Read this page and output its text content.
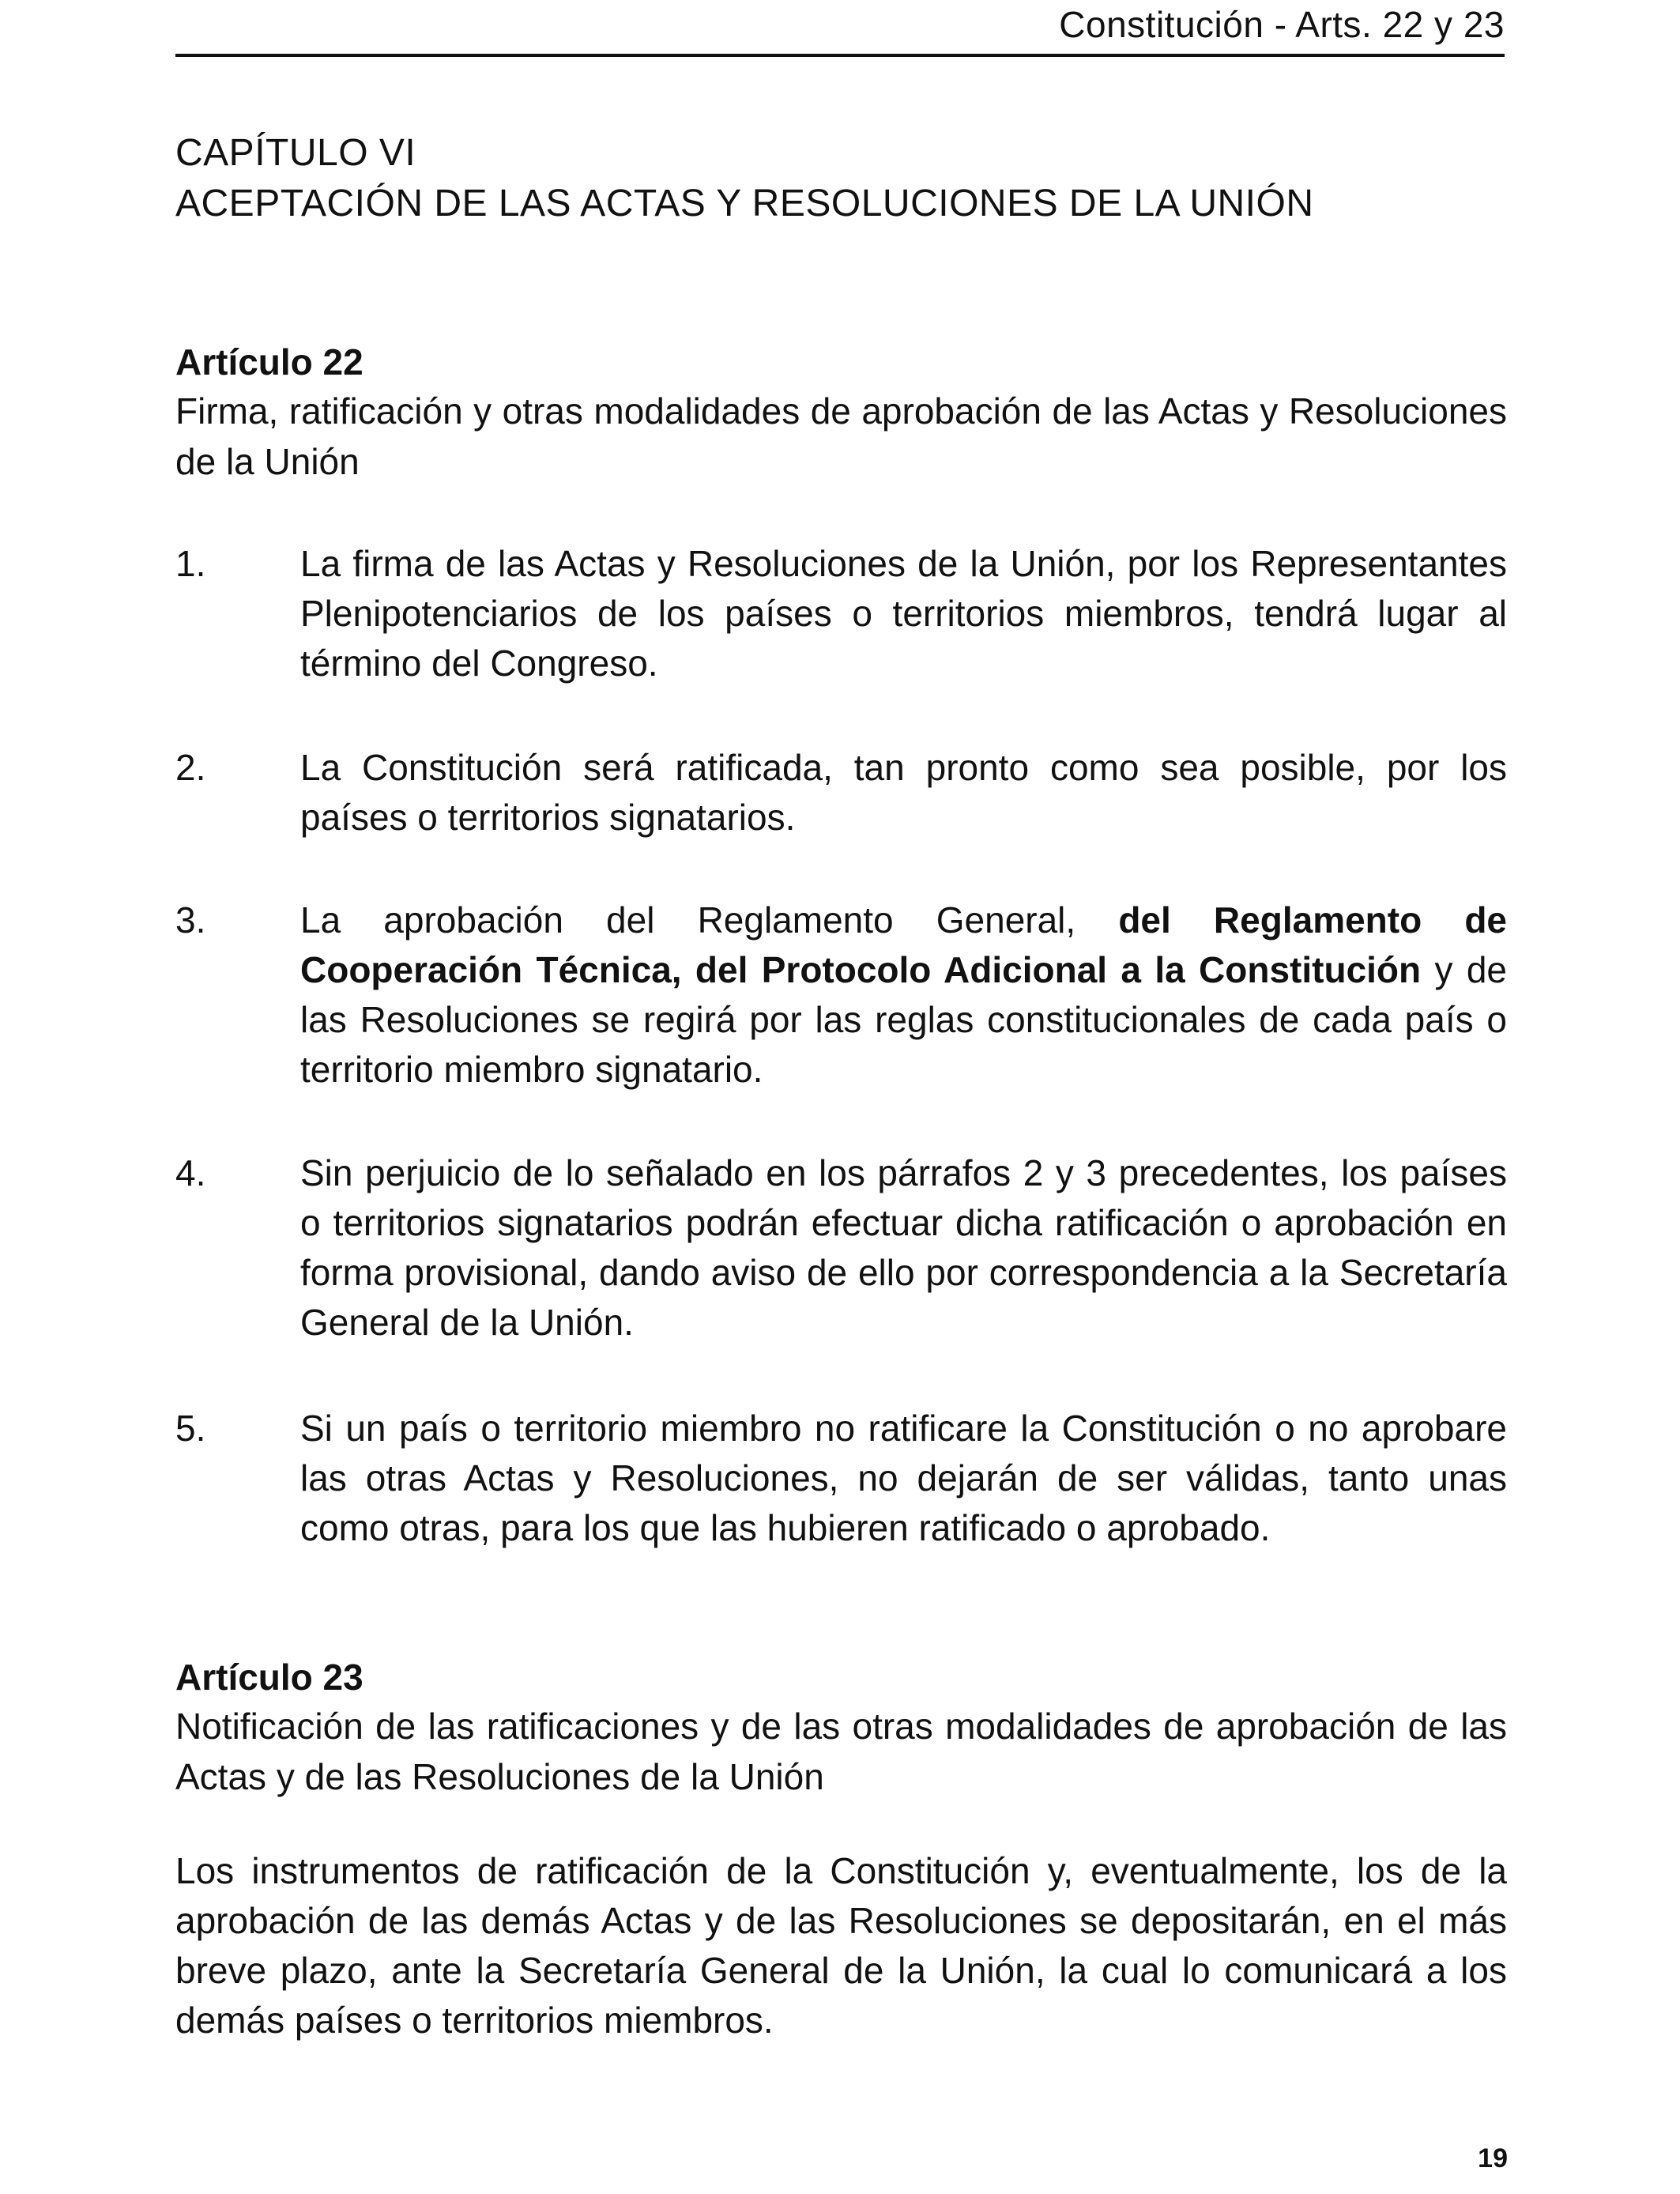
Constitución - Arts. 22 y 23
CAPÍTULO VI
ACEPTACIÓN DE LAS ACTAS Y RESOLUCIONES DE LA UNIÓN
Artículo 22
Firma, ratificación y otras modalidades de aprobación de las Actas y Resoluciones de la Unión
1.	La firma de las Actas y Resoluciones de la Unión, por los Representantes Plenipotenciarios de los países o territorios miembros, tendrá lugar al término del Congreso.
2.	La Constitución será ratificada, tan pronto como sea posible, por los países o territorios signatarios.
3.	La aprobación del Reglamento General, del Reglamento de Cooperación Técnica, del Protocolo Adicional a la Constitución y de las Resoluciones se regirá por las reglas constitucionales de cada país o territorio miembro signatario.
4.	Sin perjuicio de lo señalado en los párrafos 2 y 3 precedentes, los países o territorios signatarios podrán efectuar dicha ratificación o aprobación en forma provisional, dando aviso de ello por correspondencia a la Secretaría General de la Unión.
5.	Si un país o territorio miembro no ratificare la Constitución o no aprobare las otras Actas y Resoluciones, no dejarán de ser válidas, tanto unas como otras, para los que las hubieren ratificado o aprobado.
Artículo 23
Notificación de las ratificaciones y de las otras modalidades de aprobación de las Actas y de las Resoluciones de la Unión
Los instrumentos de ratificación de la Constitución y, eventualmente, los de la aprobación de las demás Actas y de las Resoluciones se depositarán, en el más breve plazo, ante la Secretaría General de la Unión, la cual lo comunicará a los demás países o territorios miembros.
19
